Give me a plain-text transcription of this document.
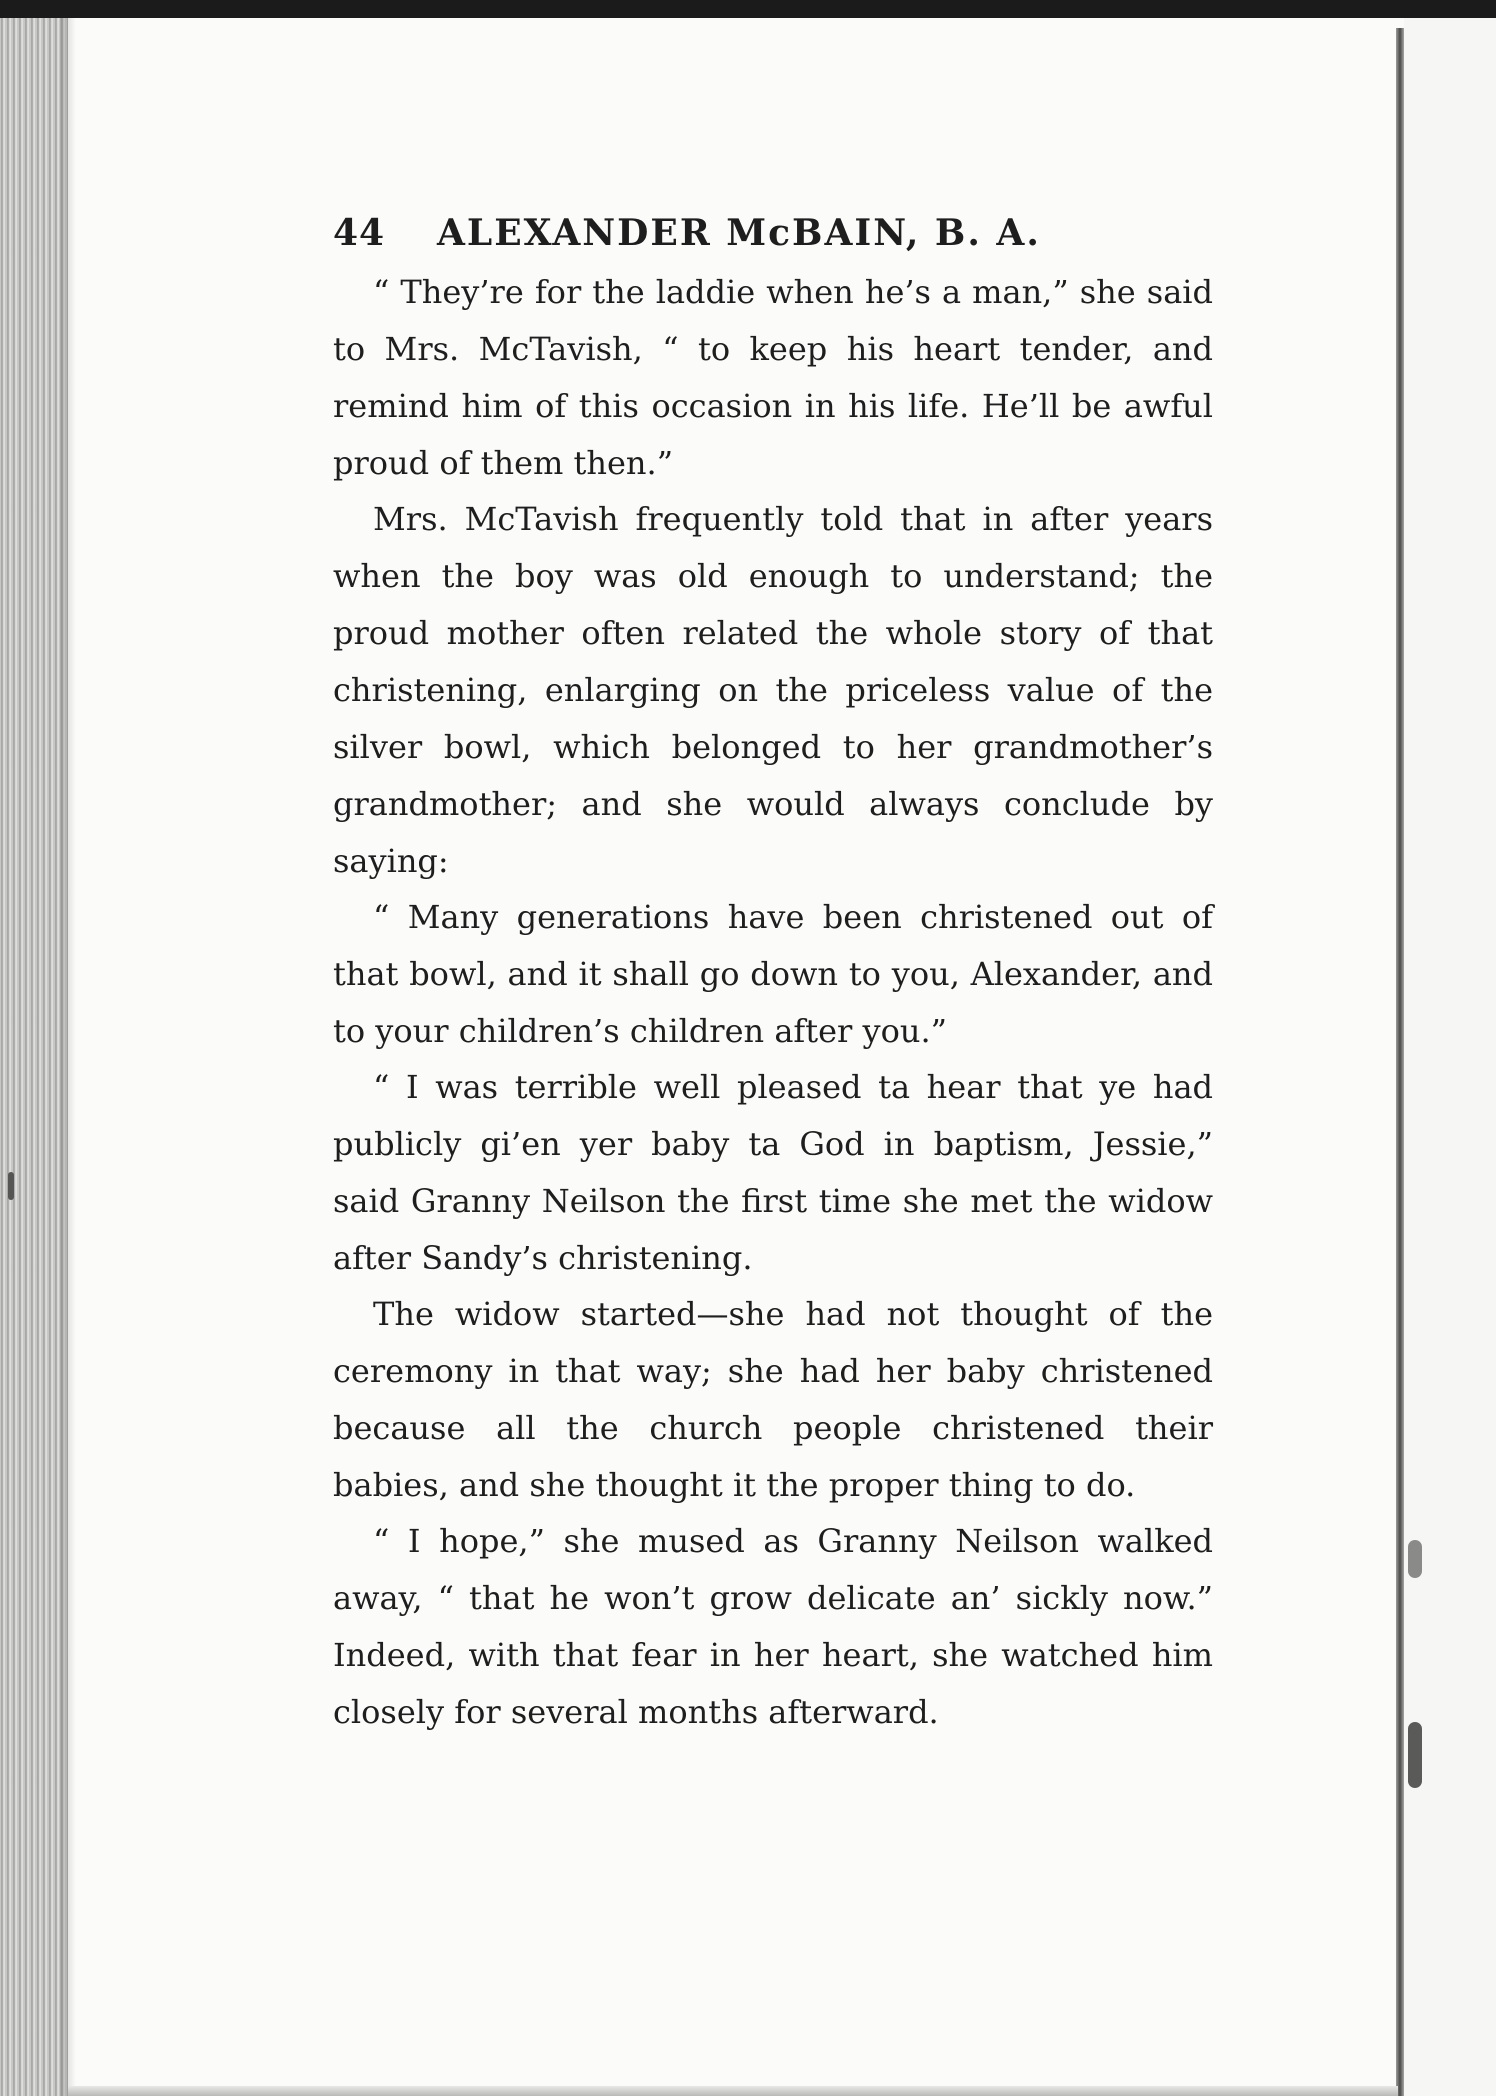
44	ALEXANDER McBAIN, B. A.

“ They’re for the laddie when he’s a man,” she said to Mrs. McTavish, “ to keep his heart tender, and remind him of this occasion in his life. He’ll be awful proud of them then.”

Mrs. McTavish frequently told that in after years when the boy was old enough to understand; the proud mother often related the whole story of that christening, enlarging on the priceless value of the silver bowl, which belonged to her grandmother’s grandmother; and she would always conclude by saying:

“ Many generations have been christened out of that bowl, and it shall go down to you, Alexander, and to your children’s children after you.”

“ I was terrible well pleased ta hear that ye had publicly gi’en yer baby ta God in baptism, Jessie,” said Granny Neilson the first time she met the widow after Sandy’s christening.

The widow started—she had not thought of the ceremony in that way; she had her baby christened because all the church people christened their babies, and she thought it the proper thing to do.

“ I hope,” she mused as Granny Neilson walked away, “ that he won’t grow delicate an’ sickly now.” Indeed, with that fear in her heart, she watched him closely for several months afterward.
